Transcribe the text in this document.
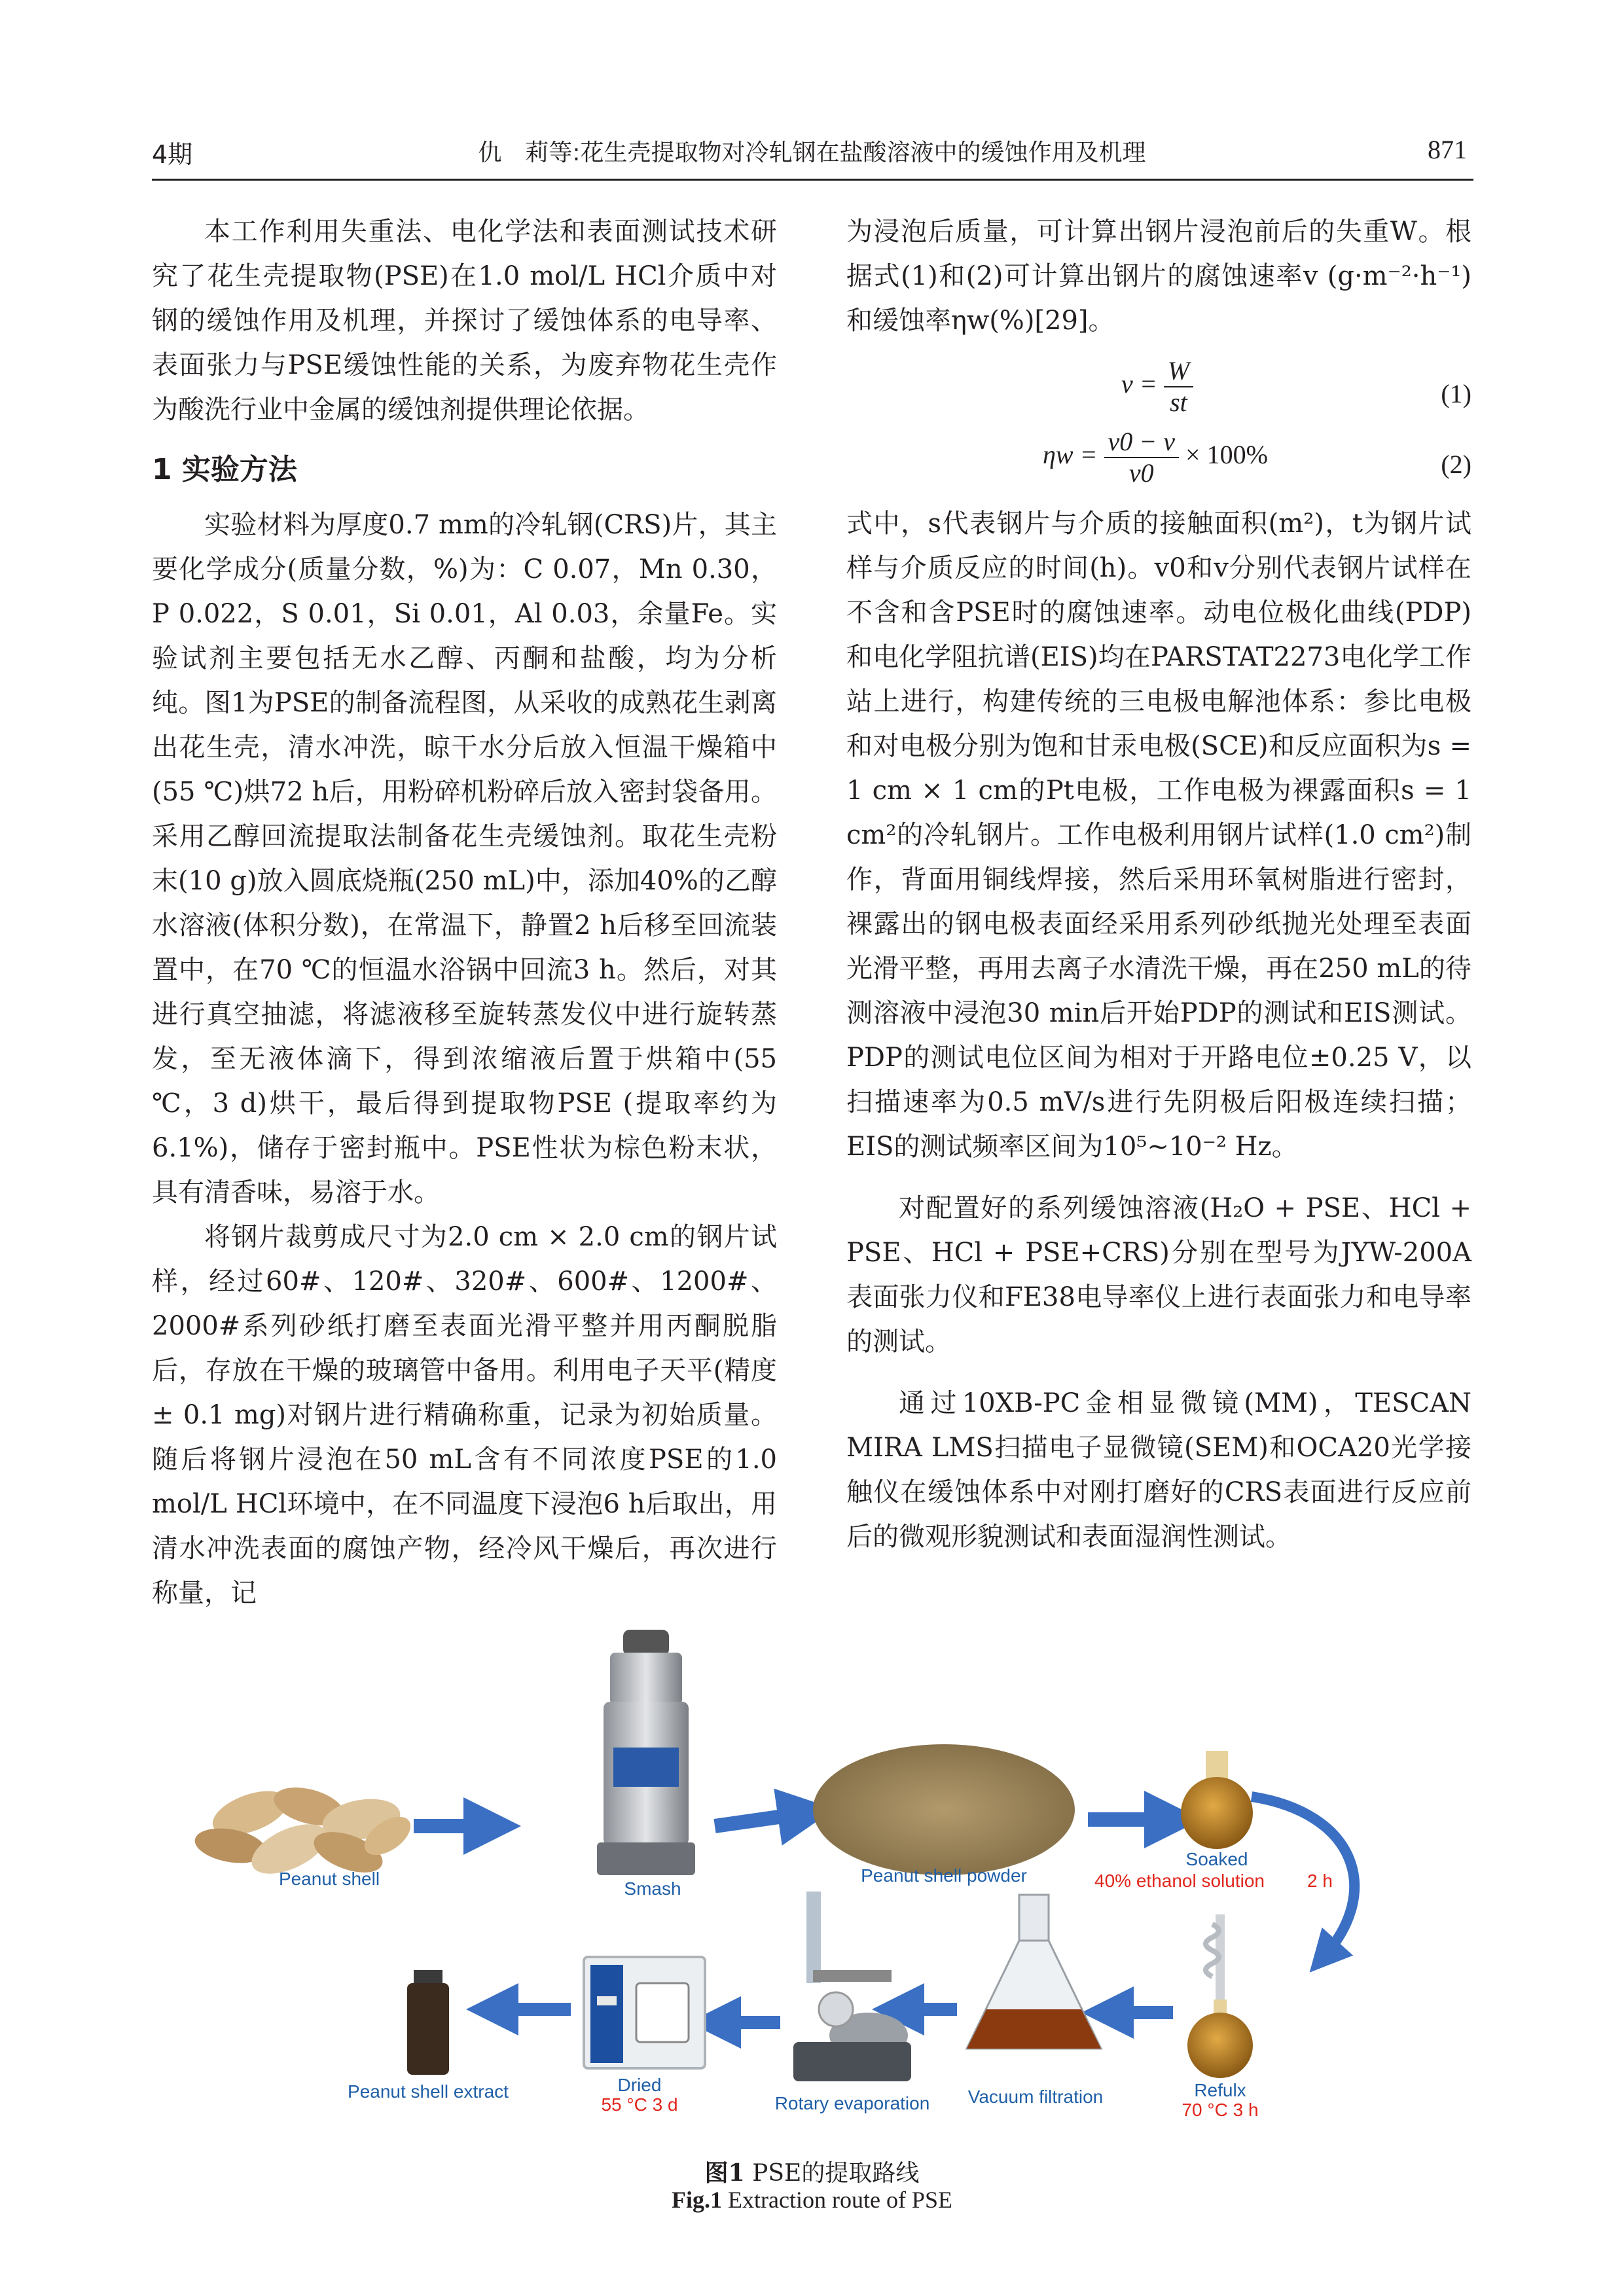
4期	仇　莉等:花生壳提取物对冷轧钢在盐酸溶液中的缓蚀作用及机理	871

本工作利用失重法、电化学法和表面测试技术研究了花生壳提取物(PSE)在1.0 mol/L HCl介质中对钢的缓蚀作用及机理，并探讨了缓蚀体系的电导率、表面张力与PSE缓蚀性能的关系，为废弃物花生壳作为酸洗行业中金属的缓蚀剂提供理论依据。

1 实验方法

实验材料为厚度0.7 mm的冷轧钢(CRS)片，其主要化学成分(质量分数，%)为：C 0.07，Mn 0.30，P 0.022，S 0.01，Si 0.01，Al 0.03，余量Fe。实验试剂主要包括无水乙醇、丙酮和盐酸，均为分析纯。图1为PSE的制备流程图，从采收的成熟花生剥离出花生壳，清水冲洗，晾干水分后放入恒温干燥箱中(55 ℃)烘72 h后，用粉碎机粉碎后放入密封袋备用。采用乙醇回流提取法制备花生壳缓蚀剂。取花生壳粉末(10 g)放入圆底烧瓶(250 mL)中，添加40%的乙醇水溶液(体积分数)，在常温下，静置2 h后移至回流装置中，在70 ℃的恒温水浴锅中回流3 h。然后，对其进行真空抽滤，将滤液移至旋转蒸发仪中进行旋转蒸发，至无液体滴下，得到浓缩液后置于烘箱中(55 ℃，3 d)烘干，最后得到提取物PSE (提取率约为6.1%)，储存于密封瓶中。PSE性状为棕色粉末状，具有清香味，易溶于水。

将钢片裁剪成尺寸为2.0 cm × 2.0 cm的钢片试样，经过60#、120#、320#、600#、1200#、2000#系列砂纸打磨至表面光滑平整并用丙酮脱脂后，存放在干燥的玻璃管中备用。利用电子天平(精度± 0.1 mg)对钢片进行精确称重，记录为初始质量。随后将钢片浸泡在50 mL含有不同浓度PSE的1.0 mol/L HCl环境中，在不同温度下浸泡6 h后取出，用清水冲洗表面的腐蚀产物，经冷风干燥后，再次进行称量，记

为浸泡后质量，可计算出钢片浸泡前后的失重W。根据式(1)和(2)可计算出钢片的腐蚀速率v (g·m⁻²·h⁻¹)和缓蚀率ηw(%)[29]。

$v = \frac{W}{st}$	(1)
$\eta w = \frac{v0 - v}{v0} \times 100\%$	(2)

式中，s代表钢片与介质的接触面积(m²)，t为钢片试样与介质反应的时间(h)。v0和v分别代表钢片试样在不含和含PSE时的腐蚀速率。动电位极化曲线(PDP)和电化学阻抗谱(EIS)均在PARSTAT2273电化学工作站上进行，构建传统的三电极电解池体系：参比电极和对电极分别为饱和甘汞电极(SCE)和反应面积为s = 1 cm × 1 cm的Pt电极，工作电极为裸露面积s = 1 cm²的冷轧钢片。工作电极利用钢片试样(1.0 cm²)制作，背面用铜线焊接，然后采用环氧树脂进行密封，裸露出的钢电极表面经采用系列砂纸抛光处理至表面光滑平整，再用去离子水清洗干燥，再在250 mL的待测溶液中浸泡30 min后开始PDP的测试和EIS测试。PDP的测试电位区间为相对于开路电位±0.25 V，以扫描速率为0.5 mV/s进行先阴极后阳极连续扫描；EIS的测试频率区间为10⁵~10⁻² Hz。

对配置好的系列缓蚀溶液(H₂O + PSE、HCl + PSE、HCl + PSE+CRS)分别在型号为JYW-200A表面张力仪和FE38电导率仪上进行表面张力和电导率的测试。

通过10XB-PC金相显微镜(MM)，TESCAN MIRA LMS扫描电子显微镜(SEM)和OCA20光学接触仪在缓蚀体系中对刚打磨好的CRS表面进行反应前后的微观形貌测试和表面湿润性测试。

Peanut shell	Smash
Peanut shell powder
Soaked
40% ethanol solution 2 h
Refulx
70 °C 3 h
Vacuum filtration
Rotary evaporation
Dried
55 °C 3 d
Peanut shell extract
图1 PSE的提取路线
Fig.1 Extraction route of PSE
